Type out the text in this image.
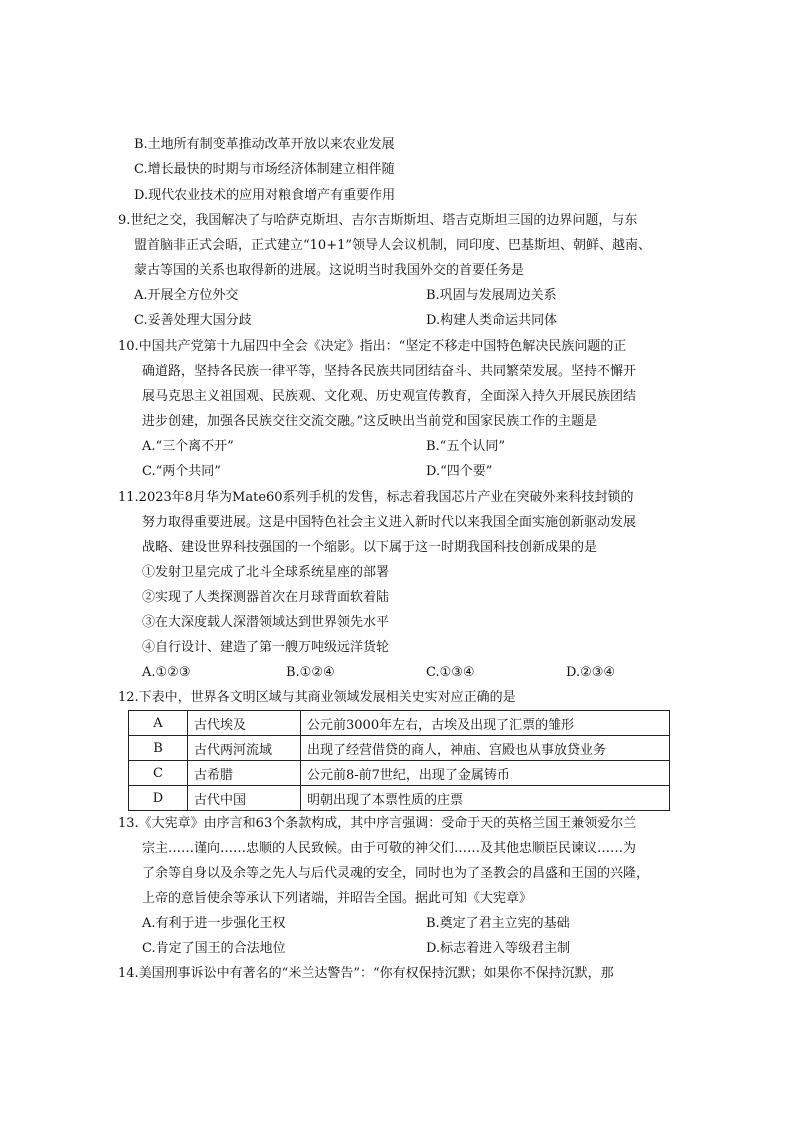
B.土地所有制变革推动改革开放以来农业发展
C.增长最快的时期与市场经济体制建立相伴随
D.现代农业技术的应用对粮食增产有重要作用
9.世纪之交，我国解决了与哈萨克斯坦、吉尔吉斯斯坦、塔吉克斯坦三国的边界问题，与东
盟首脑非正式会晤，正式建立“10+1”领导人会议机制，同印度、巴基斯坦、朝鲜、越南、
蒙古等国的关系也取得新的进展。这说明当时我国外交的首要任务是
A.开展全方位外交	B.巩固与发展周边关系
C.妥善处理大国分歧	D.构建人类命运共同体
10.中国共产党第十九届四中全会《决定》指出：“坚定不移走中国特色解决民族问题的正
确道路，坚持各民族一律平等，坚持各民族共同团结奋斗、共同繁荣发展。坚持不懈开
展马克思主义祖国观、民族观、文化观、历史观宣传教育，全面深入持久开展民族团结
进步创建，加强各民族交往交流交融。”这反映出当前党和国家民族工作的主题是
A.“三个离不开”	B.“五个认同”
C.“两个共同”	D.“四个要”
11.2023年8月华为Mate60系列手机的发售，标志着我国芯片产业在突破外来科技封锁的
努力取得重要进展。这是中国特色社会主义进入新时代以来我国全面实施创新驱动发展
战略、建设世界科技强国的一个缩影。以下属于这一时期我国科技创新成果的是
①发射卫星完成了北斗全球系统星座的部署
②实现了人类探测器首次在月球背面软着陆
③在大深度载人深潜领域达到世界领先水平
④自行设计、建造了第一艘万吨级远洋货轮
A.①②③	B.①②④	C.①③④	D.②③④
12.下表中，世界各文明区域与其商业领域发展相关史实对应正确的是
A	古代埃及	公元前3000年左右，古埃及出现了汇票的雏形
B	古代两河流域	出现了经营借贷的商人，神庙、宫殿也从事放贷业务
C	古希腊	公元前8-前7世纪，出现了金属铸币
D	古代中国	明朝出现了本票性质的庄票
13.《大宪章》由序言和63个条款构成，其中序言强调：受命于天的英格兰国王兼领爱尔兰
宗主……谨向……忠顺的人民致候。由于可敬的神父们……及其他忠顺臣民谏议……为
了余等自身以及余等之先人与后代灵魂的安全，同时也为了圣教会的昌盛和王国的兴隆，
上帝的意旨使余等承认下列诸端，并昭告全国。据此可知《大宪章》
A.有利于进一步强化王权	B.奠定了君主立宪的基础
C.肯定了国王的合法地位	D.标志着进入等级君主制
14.美国刑事诉讼中有著名的“米兰达警告”：“你有权保持沉默；如果你不保持沉默，那
